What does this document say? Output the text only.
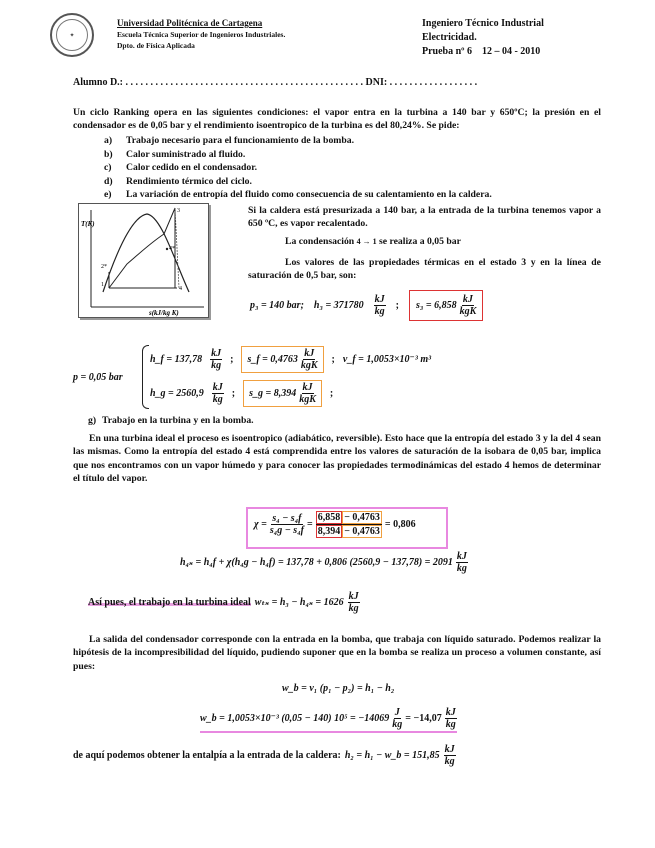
✦
Universidad Politécnica de Cartagena
Escuela Técnica Superior de Ingenieros Industriales.
Dpto. de Física Aplicada
Ingeniero Técnico Industrial
Electricidad.
Prueba nº 6    12 – 04 - 2010
Alumno D.: . . . . . . . . . . . . . . . . . . . . . . . . . . . . . . . . . . . . . . . . . . . . . . . . DNI: . . . . . . . . . . . . . . . . . .
Un ciclo Ranking opera en las siguientes condiciones: el vapor entra en la turbina a 140 bar y 650ºC; la presión en el condensador es de 0,05 bar y el rendimiento isoentropico de la turbina es del 80,24%. Se pide:
a) Trabajo necesario para el funcionamiento de la bomba.
b) Calor suministrado al fluido.
c) Calor cedido en el condensador.
d) Rendimiento térmico del ciclo.
e) La variación de entropía del fluido como consecuencia de su calentamiento en la caldera.
T(K)
s(kJ/kg K)
1
2*
3
4
4*
Si la caldera está presurizada a 140 bar, a la entrada de la turbina tenemos vapor a 650 ºC, es vapor recalentado.
La condensación 4 → 1 se realiza a 0,05 bar
Los valores de las propiedades térmicas en el estado 3 y en la línea de saturación de 0,5 bar, son:
p₃ = 140 bar; $h_3 = 371780 \frac{kJ}{kg}$ ; $s_3 = 6,858 \frac{kJ}{\text{kgK}}$
p = 0,05 bar
h_f = $137,78 \frac{kJ}{kg}$ ; s_f = $0,4763 \frac{kJ}{\text{kgK}}$ ; v_f = 1,0053×10⁻³ m³
h_g = $2560,9 \frac{kJ}{kg}$ ; s_g = $8,394 \frac{kJ}{\text{kgK}}$ ;
g) Trabajo en la turbina y en la bomba.
En una turbina ideal el proceso es isoentropico (adiabático, reversible). Esto hace que la entropía del estado 3 y la del 4 sean las mismas. Como la entropía del estado 4 está comprendida entre los valores de saturación de la isobara de 0,05 bar, implica que nos encontramos con un vapor húmedo y para conocer las propiedades termodinámicas del estado 4 hemos de determinar el título del vapor.
$\chi = \frac{\text{s₄ − s₄f}}{\text{s₄g − s₄f}} = \frac{6,858 - 0,4763}{8,394 - 0,4763} = 0,806$
h₄ₛ = h₄f + χ(h₄g − h₄f) = 137,78 + 0,806 $(2560,9 - 137,78) = 2091 \frac{kJ}{kg}$
Así pues, el trabajo en la turbina ideal $w_{ts} = h_3 - h_{4s} = 1626 \frac{kJ}{kg}$
La salida del condensador corresponde con la entrada en la bomba, que trabaja con líquido saturado. Podemos realizar la hipótesis de la incompresibilidad del líquido, pudiendo suponer que en la bomba se realiza un proceso a volumen constante, así pues:
w_b = v₁ (p₁ − p₂) = h₁ − h₂
w_b = 1,0053×10⁻³ (0,05 − 140) $10^5 = -14069 \frac{J}{kg} = -14,07 \frac{kJ}{kg}$
de aquí podemos obtener la entalpía a la entrada de la caldera: h₂ = h₁ − w_b = $151,85 \frac{kJ}{kg}$
